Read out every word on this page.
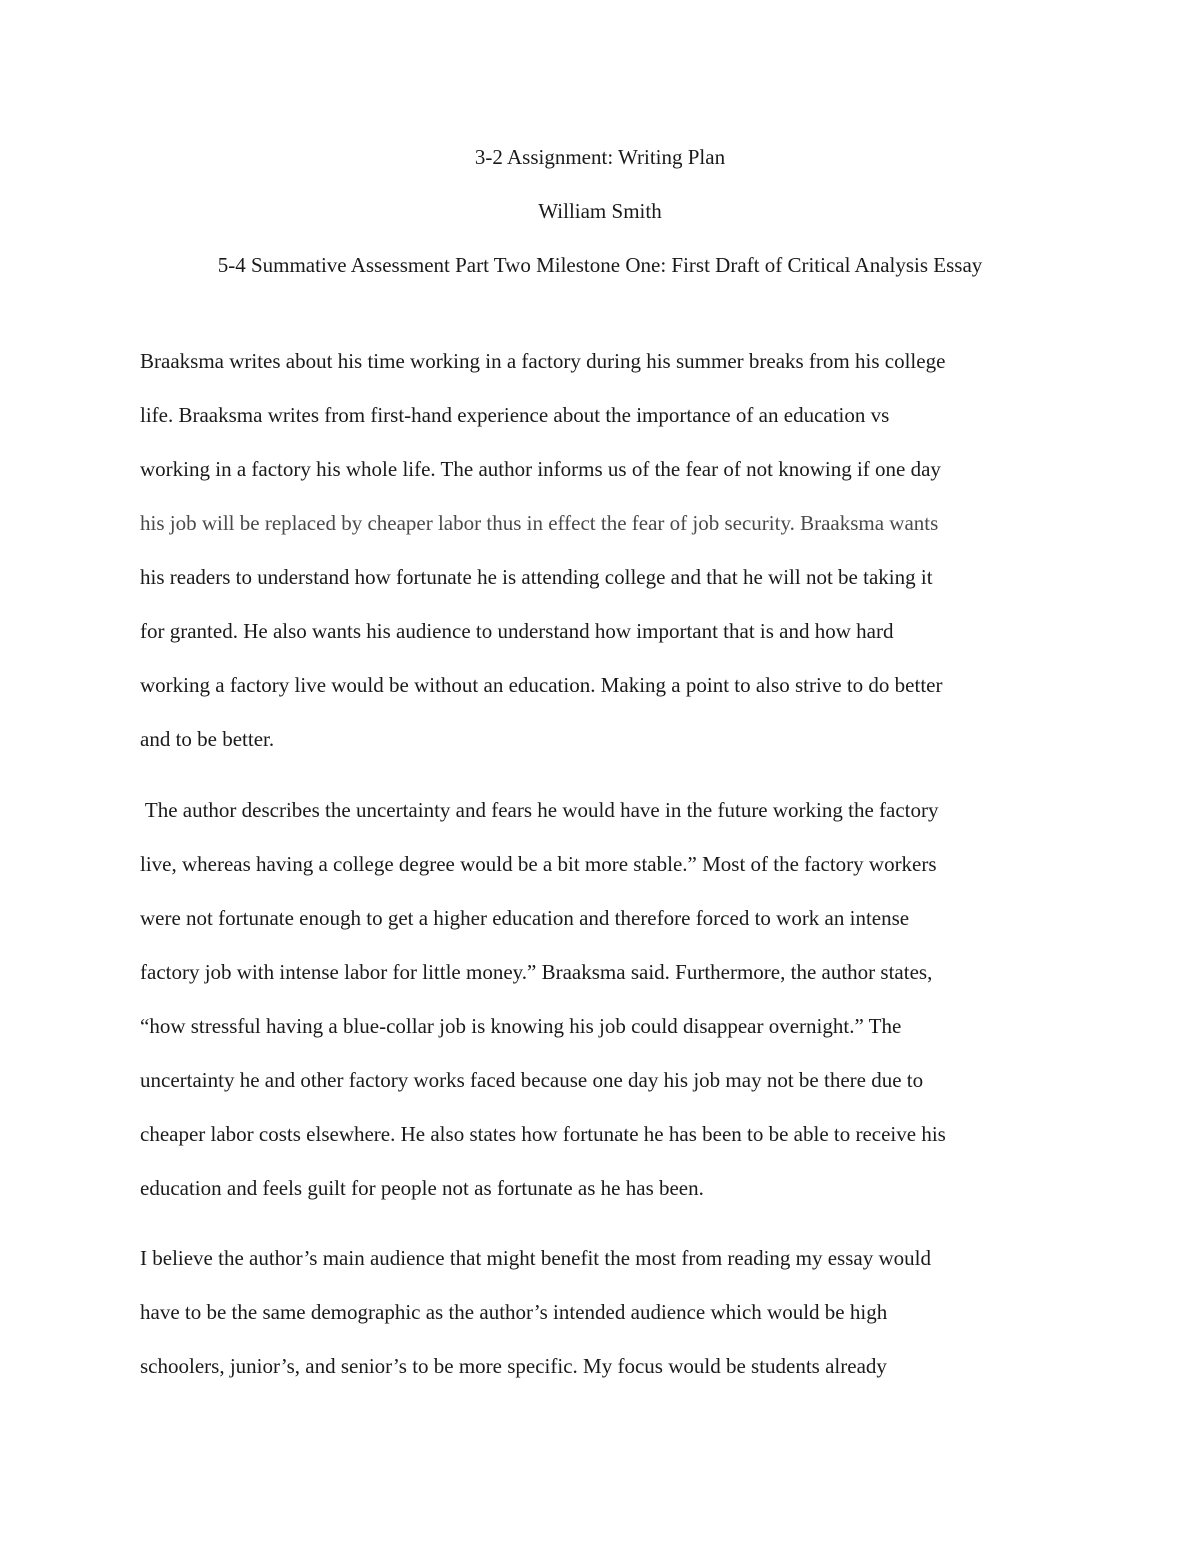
3-2 Assignment: Writing Plan
William Smith
5-4 Summative Assessment Part Two Milestone One: First Draft of Critical Analysis Essay
Braaksma writes about his time working in a factory during his summer breaks from his college
life. Braaksma writes from first-hand experience about the importance of an education vs
working in a factory his whole life. The author informs us of the fear of not knowing if one day
his job will be replaced by cheaper labor thus in effect the fear of job security. Braaksma wants
his readers to understand how fortunate he is attending college and that he will not be taking it
for granted. He also wants his audience to understand how important that is and how hard
working a factory live would be without an education. Making a point to also strive to do better
and to be better.
The author describes the uncertainty and fears he would have in the future working the factory
live, whereas having a college degree would be a bit more stable.” Most of the factory workers
were not fortunate enough to get a higher education and therefore forced to work an intense
factory job with intense labor for little money.” Braaksma said. Furthermore, the author states,
“how stressful having a blue-collar job is knowing his job could disappear overnight.” The
uncertainty he and other factory works faced because one day his job may not be there due to
cheaper labor costs elsewhere. He also states how fortunate he has been to be able to receive his
education and feels guilt for people not as fortunate as he has been.
I believe the author’s main audience that might benefit the most from reading my essay would
have to be the same demographic as the author’s intended audience which would be high
schoolers, junior’s, and senior’s to be more specific. My focus would be students already
